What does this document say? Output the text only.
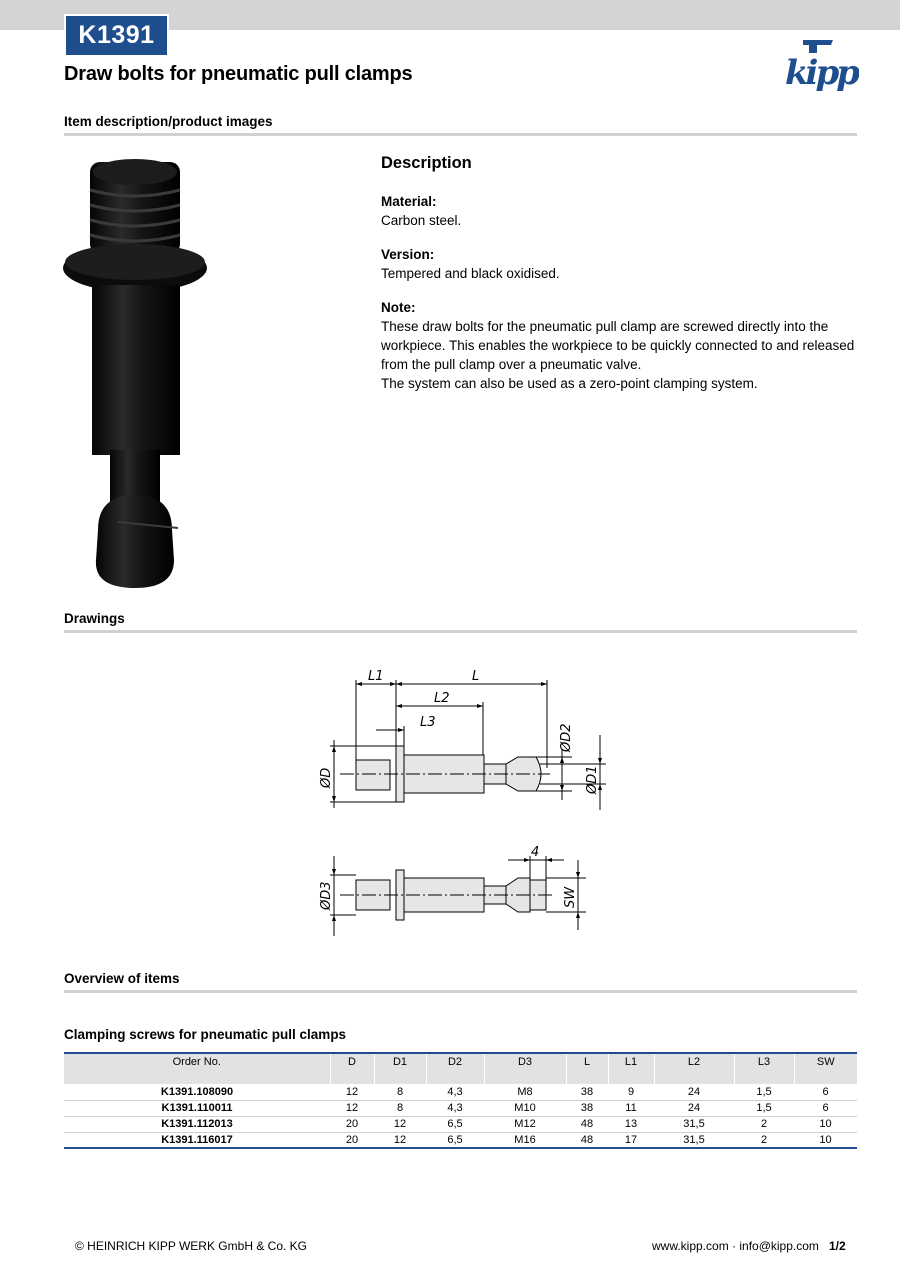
K1391
Draw bolts for pneumatic pull clamps	kipp
Item description/product images
Description
Material:
Carbon steel.
Version:
Tempered and black oxidised.
Note:
These draw bolts for the pneumatic pull clamp are screwed directly into the workpiece. This enables the workpiece to be quickly connected to and released from the pull clamp over a pneumatic valve.
The system can also be used as a zero-point clamping system.
Drawings
L1	L
L2
L3
ØD
ØD2
ØD1
ØD3
4
SW
Overview of items
Clamping screws for pneumatic pull clamps
Order No.	D	D1	D2	D3	L	L1	L2	L3	SW
K1391.108090	12	8	4,3	M8	38	9	24	1,5	6
K1391.110011	12	8	4,3	M10	38	11	24	1,5	6
K1391.112013	20	12	6,5	M12	48	13	31,5	2	10
K1391.116017	20	12	6,5	M16	48	17	31,5	2	10
© HEINRICH KIPP WERK GmbH & Co. KG	www.kipp.com · info@kipp.com 1/2
